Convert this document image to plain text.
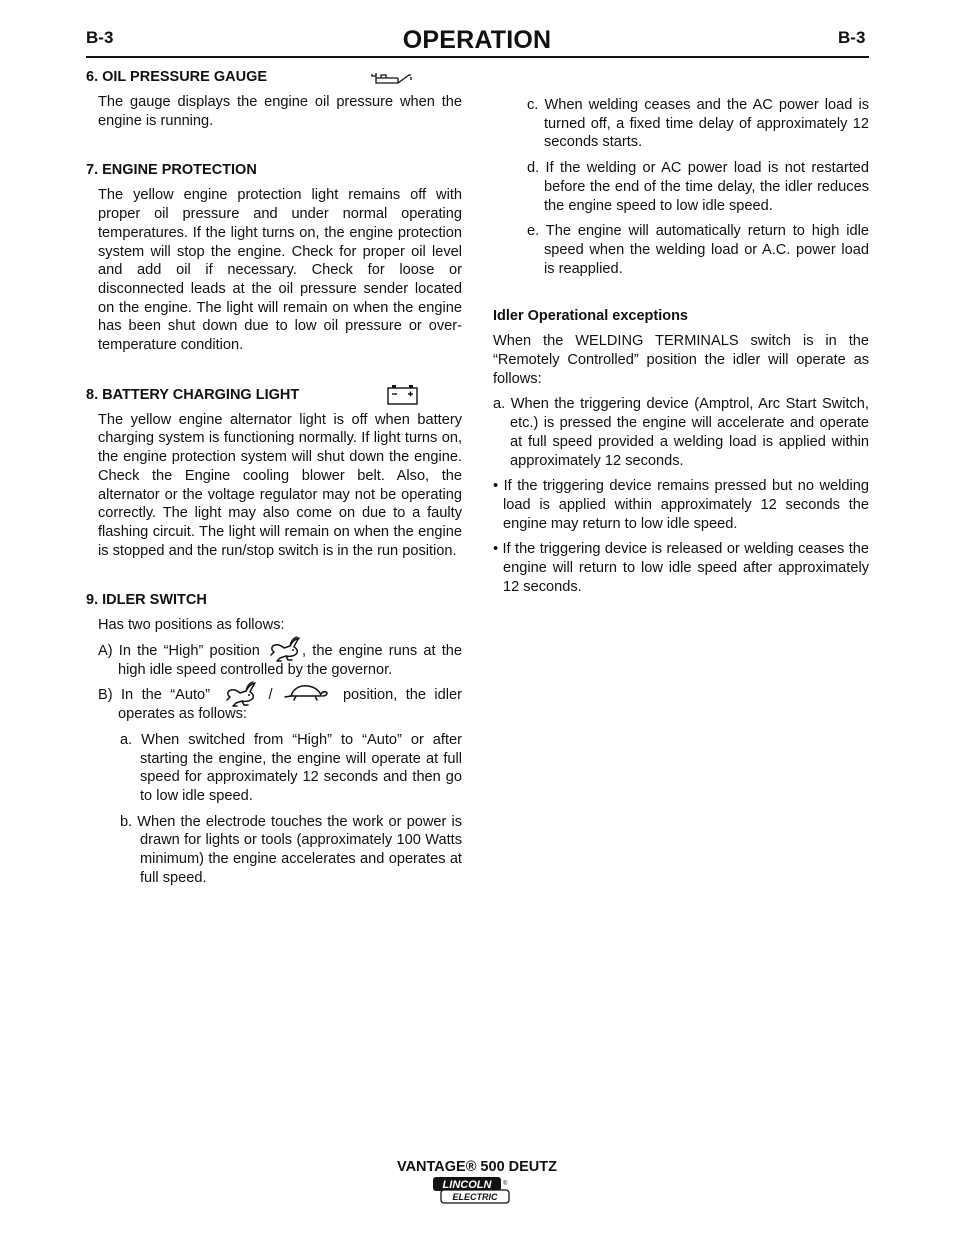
B-3	OPERATION	B-3
6. OIL PRESSURE GAUGE

The gauge displays the engine oil pressure when the engine is running.

7. ENGINE PROTECTION

The yellow engine protection light remains off with proper oil pressure and under normal operating temperatures. If the light turns on, the engine protection system will stop the engine. Check for proper oil level and add oil if necessary. Check for loose or disconnected leads at the oil pressure sender located on the engine. The light will remain on when the engine has been shut down due to low oil pressure or over-temperature condition.

8. BATTERY CHARGING LIGHT

The yellow engine alternator light is off when battery charging system is functioning normally. If light turns on, the engine protection system will shut down the engine. Check the Engine cooling blower belt. Also, the alternator or the voltage regulator may not be operating correctly. The light may also come on due to a faulty flashing circuit. The light will remain on when the engine is stopped and the run/stop switch is in the run position.

9. IDLER SWITCH

Has two positions as follows:

A) In the “High” position	, the engine runs at the high idle speed controlled by the governor.

B) In the “Auto”	/	position, the idler operates as follows:

a. When switched from “High” to “Auto” or after starting the engine, the engine will operate at full speed for approximately 12 seconds and then go to low idle speed.

b. When the electrode touches the work or power is drawn for lights or tools (approximately 100 Watts minimum) the engine accelerates and operates at full speed.

c. When welding ceases and the AC power load is turned off, a fixed time delay of approximately 12 seconds starts.

d. If the welding or AC power load is not restarted before the end of the time delay, the idler reduces the engine speed to low idle speed.

e. The engine will automatically return to high idle speed when the welding load or A.C. power load is reapplied.

Idler Operational exceptions

When the WELDING TERMINALS switch is in the “Remotely Controlled” position the idler will operate as follows:

a. When the triggering device (Amptrol, Arc Start Switch, etc.) is pressed the engine will accelerate and operate at full speed provided a welding load is applied within approximately 12 seconds.

• If the triggering device remains pressed but no welding load is applied within approximately 12 seconds the engine may return to low idle speed.

• If the triggering device is released or welding ceases the engine will return to low idle speed after approximately 12 seconds.

VANTAGE® 500 DEUTZ
LINCOLN
ELECTRIC
®
